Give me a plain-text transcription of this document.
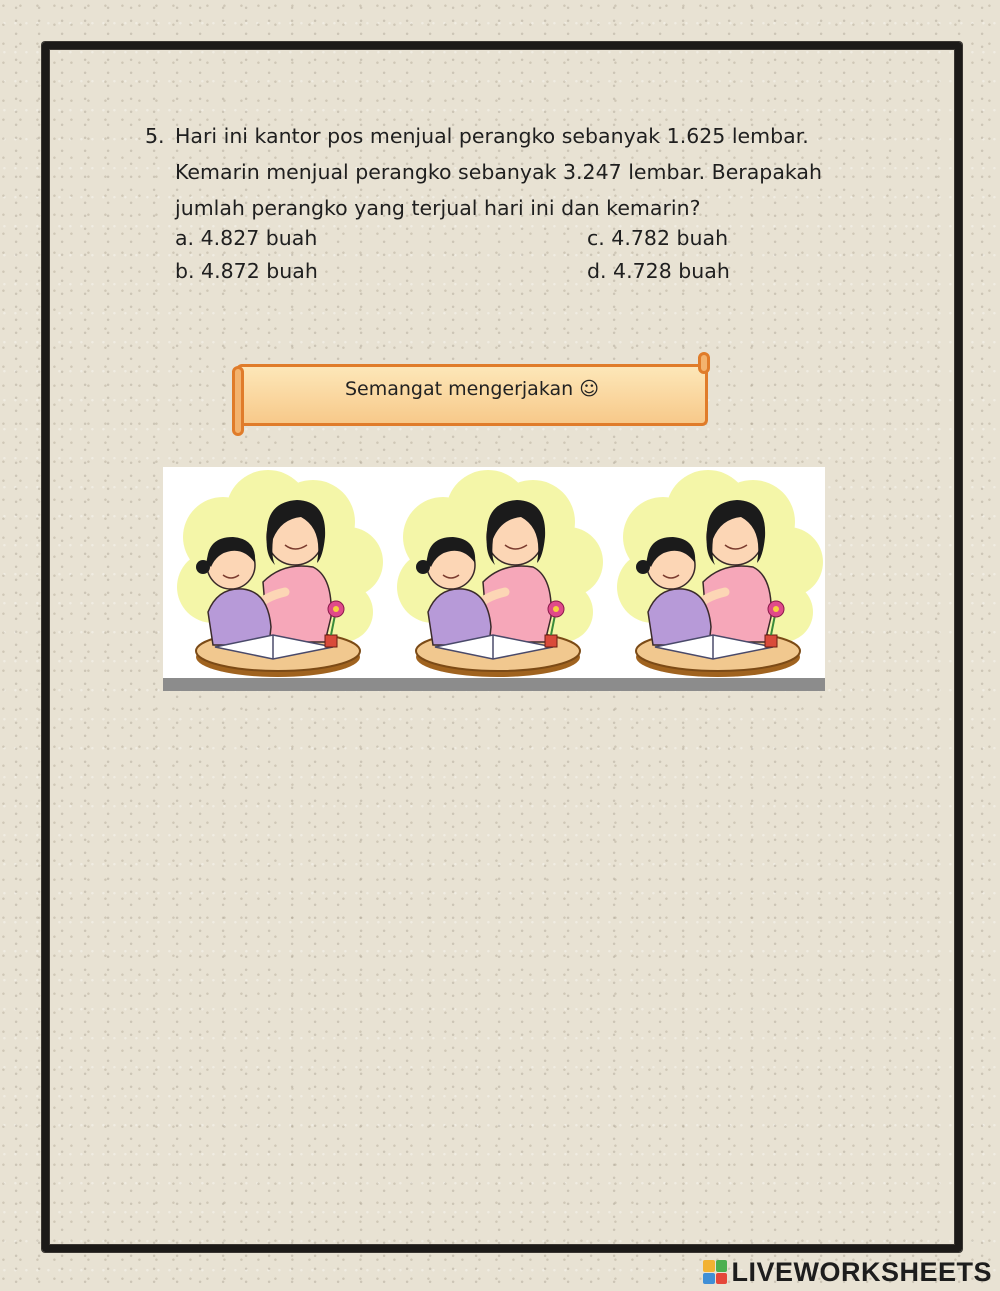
5. Hari ini kantor pos menjual perangko sebanyak 1.625 lembar.
Kemarin menjual perangko sebanyak 3.247 lembar. Berapakah
jumlah perangko yang terjual hari ini dan kemarin?
a. 4.827 buah
b. 4.872 buah
c. 4.782 buah
d. 4.728 buah
Semangat mengerjakan ☺
LIVEWORKSHEETS
